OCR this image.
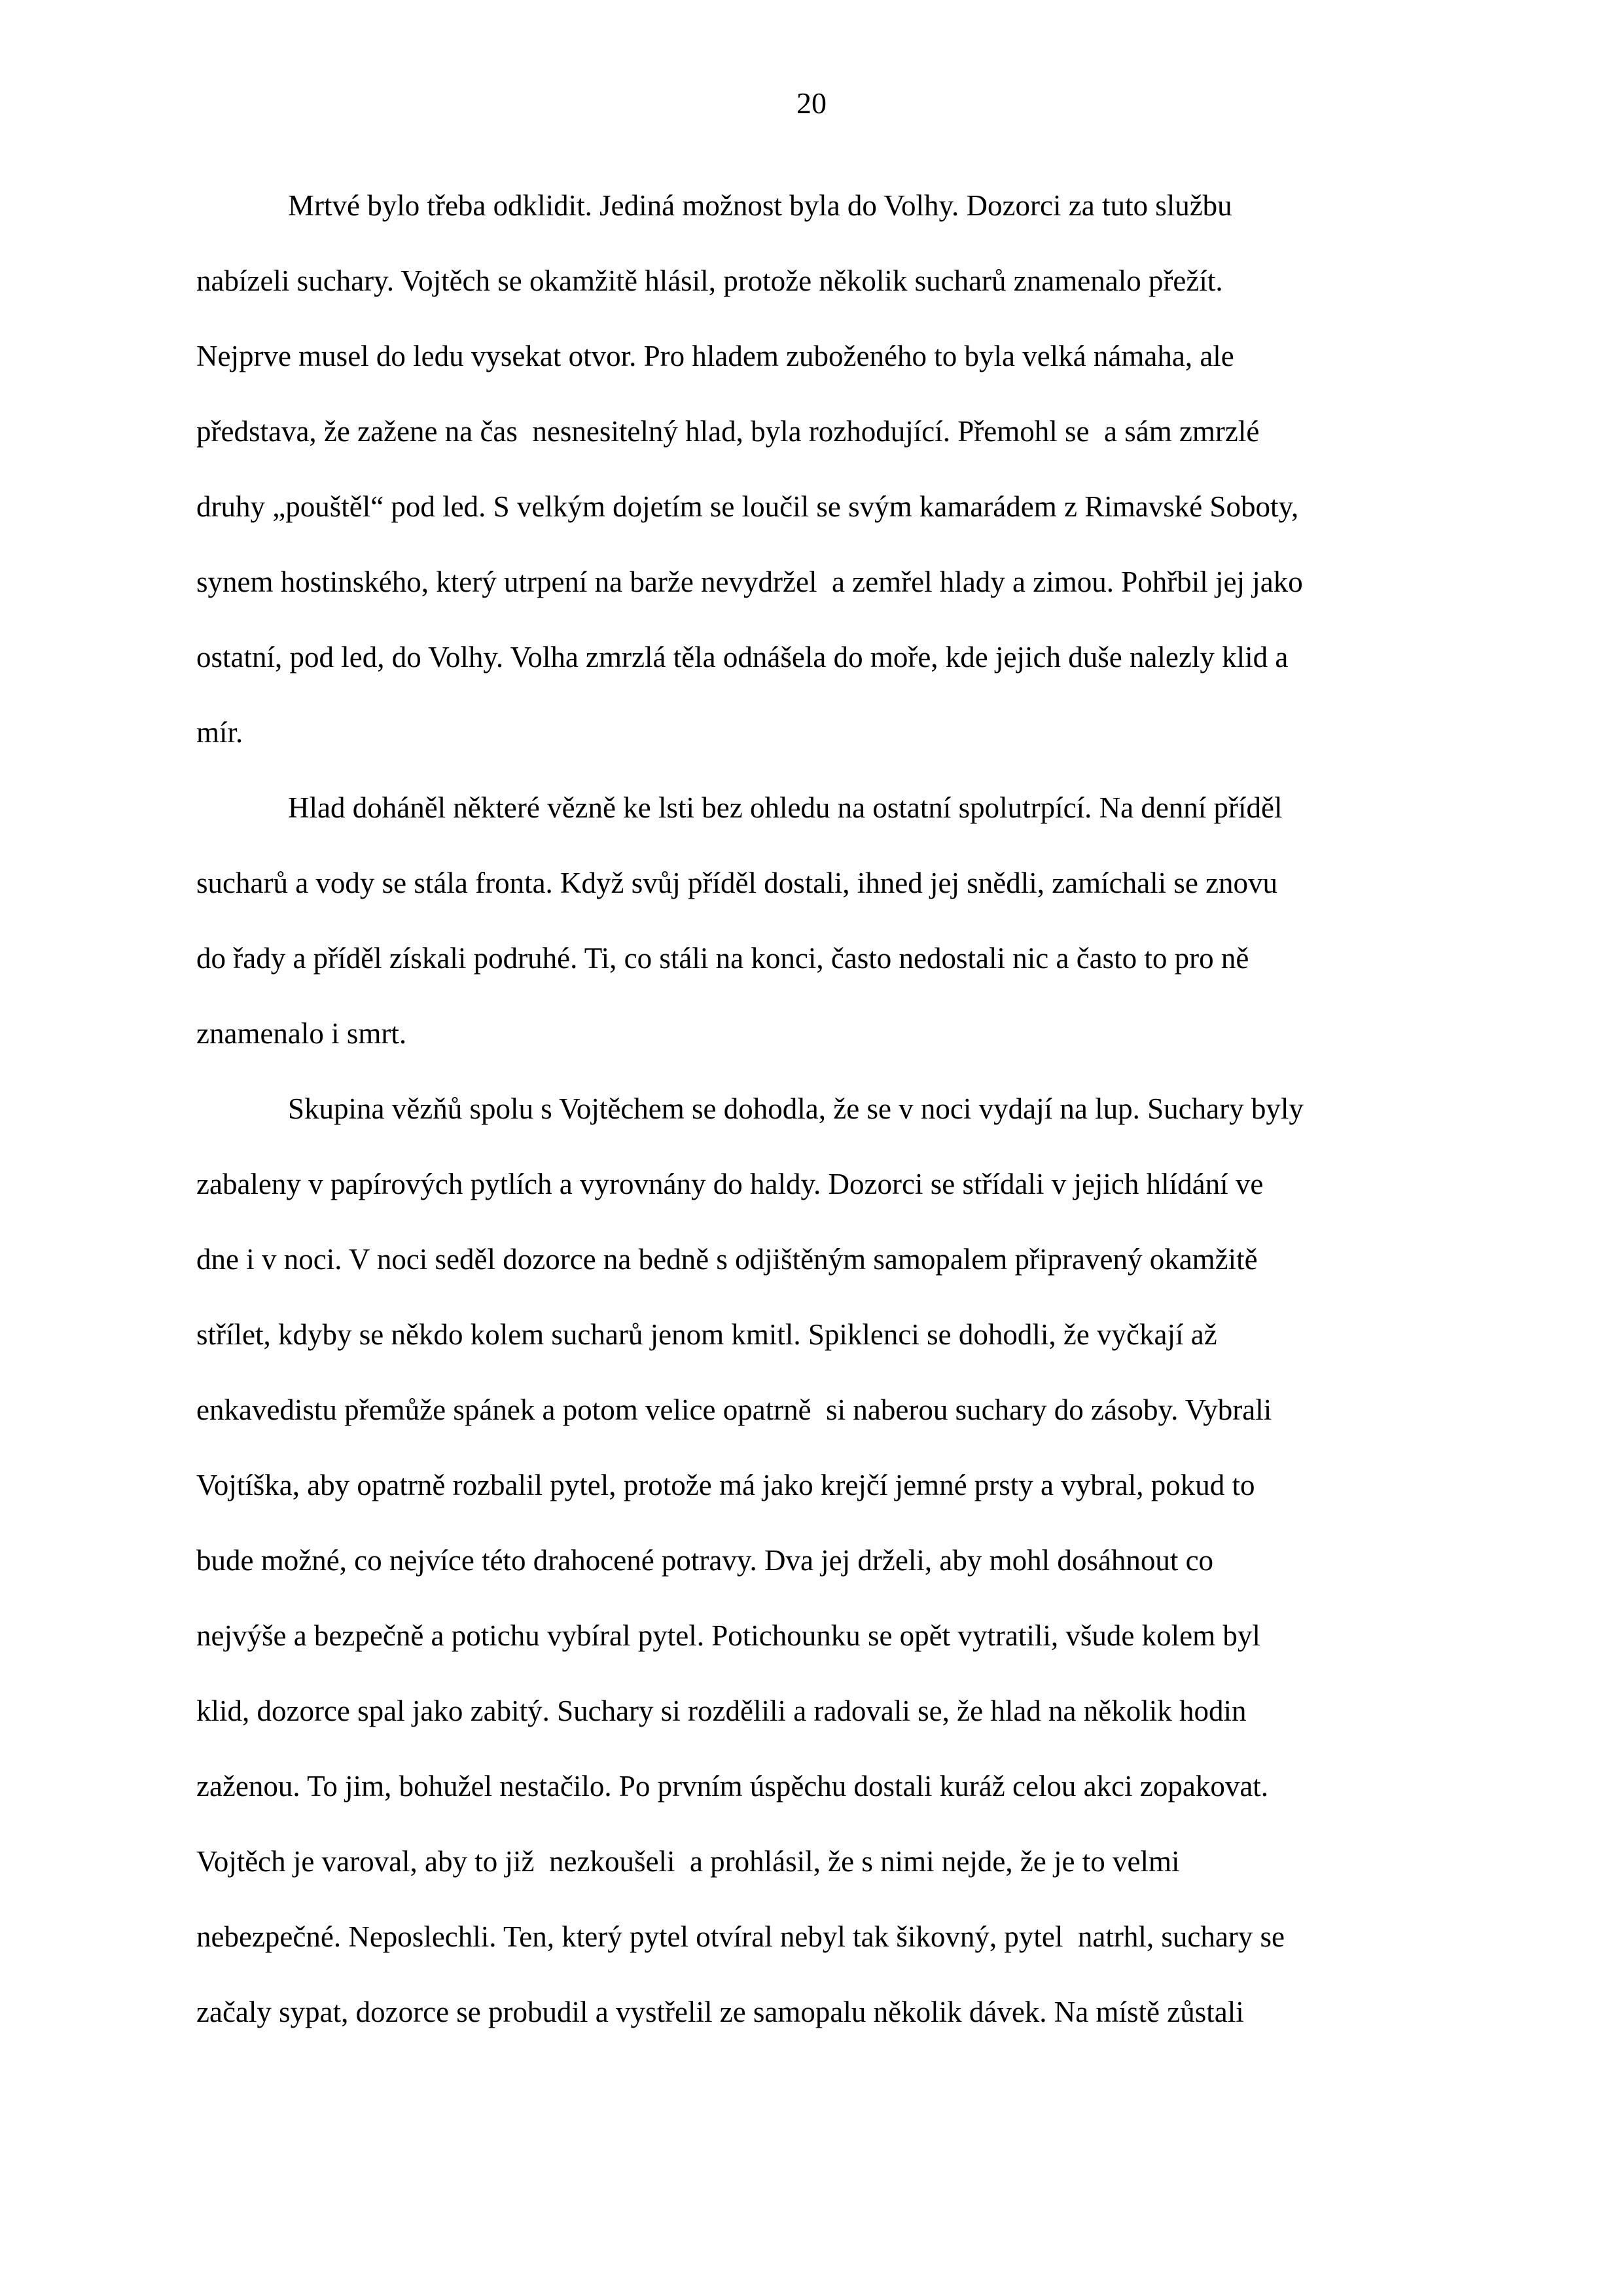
20
Mrtvé bylo třeba odklidit. Jediná možnost byla do Volhy. Dozorci za tuto službu
nabízeli suchary. Vojtěch se okamžitě hlásil, protože několik sucharů znamenalo přežít.
Nejprve musel do ledu vysekat otvor. Pro hladem zuboženého to byla velká námaha, ale
představa, že zažene na čas  nesnesitelný hlad, byla rozhodující. Přemohl se  a sám zmrzlé
druhy „pouštěl“ pod led. S velkým dojetím se loučil se svým kamarádem z Rimavské Soboty,
synem hostinského, který utrpení na barže nevydržel  a zemřel hlady a zimou. Pohřbil jej jako
ostatní, pod led, do Volhy. Volha zmrzlá těla odnášela do moře, kde jejich duše nalezly klid a
mír.
Hlad doháněl některé vězně ke lsti bez ohledu na ostatní spolutrpící. Na denní příděl
sucharů a vody se stála fronta. Když svůj příděl dostali, ihned jej snědli, zamíchali se znovu
do řady a příděl získali podruhé. Ti, co stáli na konci, často nedostali nic a často to pro ně
znamenalo i smrt.
Skupina vězňů spolu s Vojtěchem se dohodla, že se v noci vydají na lup. Suchary byly
zabaleny v papírových pytlích a vyrovnány do haldy. Dozorci se střídali v jejich hlídání ve
dne i v noci. V noci seděl dozorce na bedně s odjištěným samopalem připravený okamžitě
střílet, kdyby se někdo kolem sucharů jenom kmitl. Spiklenci se dohodli, že vyčkají až
enkavedistu přemůže spánek a potom velice opatrně  si naberou suchary do zásoby. Vybrali
Vojtíška, aby opatrně rozbalil pytel, protože má jako krejčí jemné prsty a vybral, pokud to
bude možné, co nejvíce této drahocené potravy. Dva jej drželi, aby mohl dosáhnout co
nejvýše a bezpečně a potichu vybíral pytel. Potichounku se opět vytratili, všude kolem byl
klid, dozorce spal jako zabitý. Suchary si rozdělili a radovali se, že hlad na několik hodin
zaženou. To jim, bohužel nestačilo. Po prvním úspěchu dostali kuráž celou akci zopakovat.
Vojtěch je varoval, aby to již  nezkoušeli  a prohlásil, že s nimi nejde, že je to velmi
nebezpečné. Neposlechli. Ten, který pytel otvíral nebyl tak šikovný, pytel  natrhl, suchary se
začaly sypat, dozorce se probudil a vystřelil ze samopalu několik dávek. Na místě zůstali
